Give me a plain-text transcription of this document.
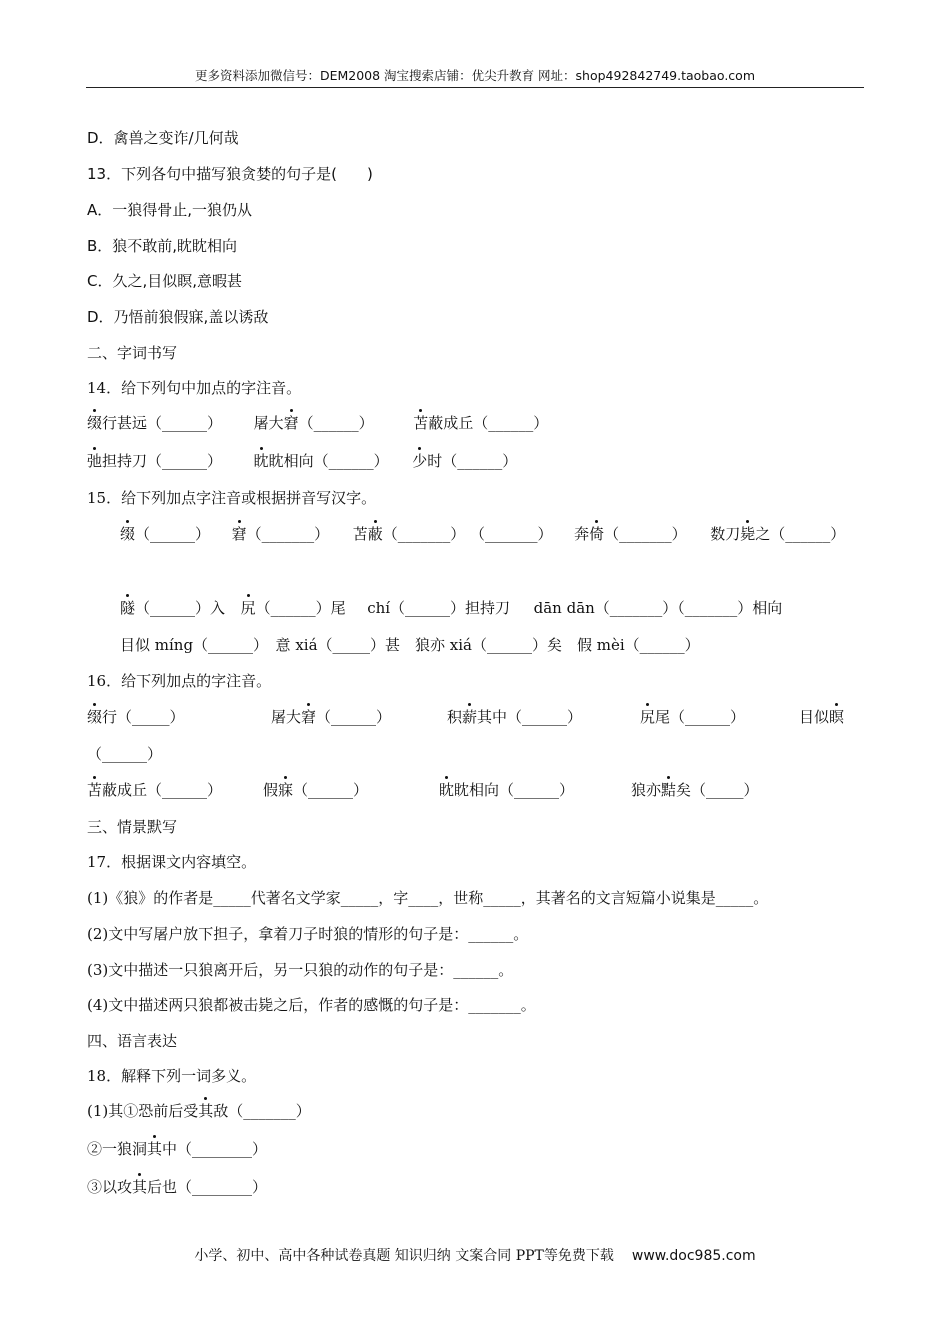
更多资料添加微信号：DEM2008 淘宝搜索店铺：优尖升教育 网址：shop492842749.taobao.com
D．禽兽之变诈/几何哉
13．下列各句中描写狼贪婪的句子是(　　)
A．一狼得骨止,一狼仍从
B．狼不敢前,眈眈相向
C．久之,目似瞑,意暇甚
D．乃悟前狼假寐,盖以诱敌
二、字词书写
14．给下列句中加点的字注音。
缀行甚远（______） 屠大窘（______）	苫蔽成丘（______）
弛担持刀（______） 眈眈相向（______） 少时（______）
15．给下列加点字注音或根据拼音写汉字。
缀（______） 窘（_______） 苫蔽（_______） （_______） 奔倚（_______） 数刀毙之（______）
隧（______）入 尻（______）尾 chí（______）担持刀 dān dān（_______）（_______）相向
目似 míng（______）　意 xiá（_____）甚　狼亦 xiá（______）矣　假 mèi（______）
16．给下列加点的字注音。
缀行（_____）	屠大窘（______）	积薪其中（______）	尻尾（______）	目似瞑
（______）
苫蔽成丘（______）	假寐（______）	眈眈相向（______）	狼亦黠矣（_____）
三、情景默写
17．根据课文内容填空。
(1)《狼》的作者是_____代著名文学家_____，字____，世称_____，其著名的文言短篇小说集是_____。
(2)文中写屠户放下担子，拿着刀子时狼的情形的句子是：______。
(3)文中描述一只狼离开后，另一只狼的动作的句子是：______。
(4)文中描述两只狼都被击毙之后，作者的感慨的句子是：_______。
四、语言表达
18．解释下列一词多义。
(1)其①恐前后受其敌（_______）
②一狼洞其中（________）
③以攻其后也（________）
小学、初中、高中各种试卷真题 知识归纳 文案合同 PPT等免费下载 www.doc985.com
